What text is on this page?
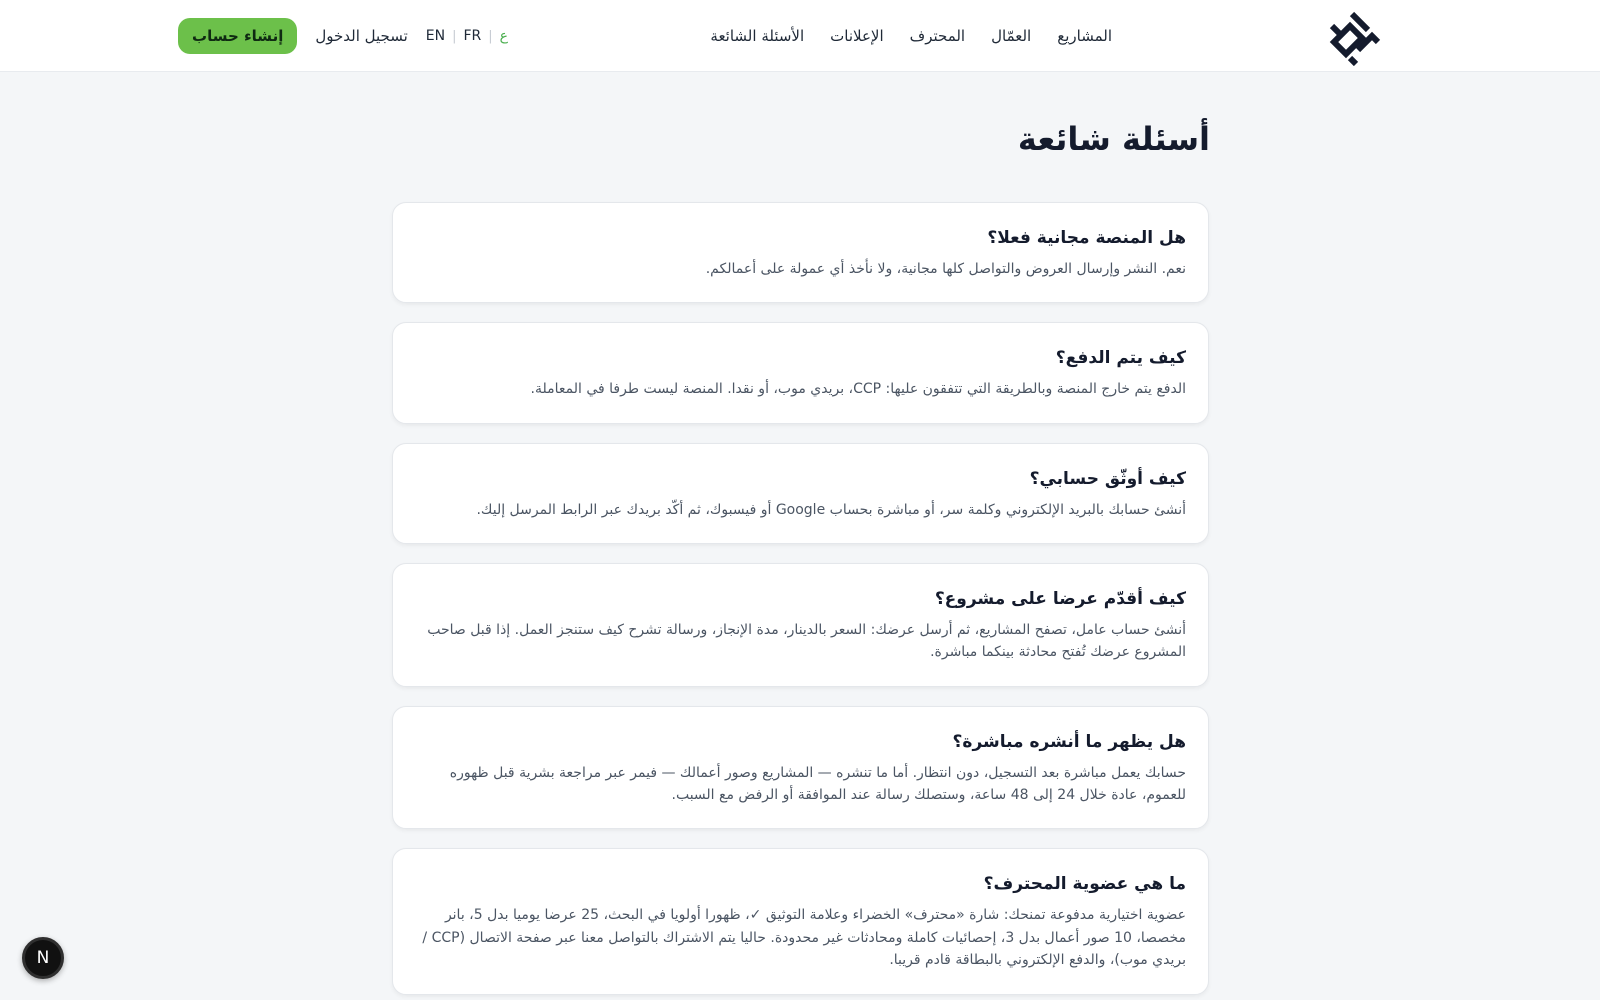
المشاريع
العمّال
المحترف
الإعلانات
الأسئلة الشائعة
إنشاء حساب	تسجيل الدخول EN | FR | ع
أسئلة شائعة
هل المنصة مجانية فعلا؟
نعم. النشر وإرسال العروض والتواصل كلها مجانية، ولا نأخذ أي عمولة على أعمالكم.
كيف يتم الدفع؟
الدفع يتم خارج المنصة وبالطريقة التي تتفقون عليها: CCP، بريدي موب، أو نقدا. المنصة ليست طرفا في المعاملة.
كيف أوثّق حسابي؟
أنشئ حسابك بالبريد الإلكتروني وكلمة سر، أو مباشرة بحساب Google أو فيسبوك، ثم أكّد بريدك عبر الرابط المرسل إليك.
كيف أقدّم عرضا على مشروع؟
أنشئ حساب عامل، تصفح المشاريع، ثم أرسل عرضك: السعر بالدينار، مدة الإنجاز، ورسالة تشرح كيف ستنجز العمل. إذا قبل صاحب المشروع عرضك تُفتح محادثة بينكما مباشرة.
هل يظهر ما أنشره مباشرة؟
حسابك يعمل مباشرة بعد التسجيل، دون انتظار. أما ما تنشره — المشاريع وصور أعمالك — فيمر عبر مراجعة بشرية قبل ظهوره للعموم، عادة خلال 24 إلى 48 ساعة، وستصلك رسالة عند الموافقة أو الرفض مع السبب.
ما هي عضوية المحترف؟
عضوية اختيارية مدفوعة تمنحك: شارة «محترف» الخضراء وعلامة التوثيق ✓، ظهورا أولويا في البحث، 25 عرضا يوميا بدل 5، بانر مخصصا، 10 صور أعمال بدل 3، إحصائيات كاملة ومحادثات غير محدودة. حاليا يتم الاشتراك بالتواصل معنا عبر صفحة الاتصال (CCP / بريدي موب)، والدفع الإلكتروني بالبطاقة قادم قريبا.
N
